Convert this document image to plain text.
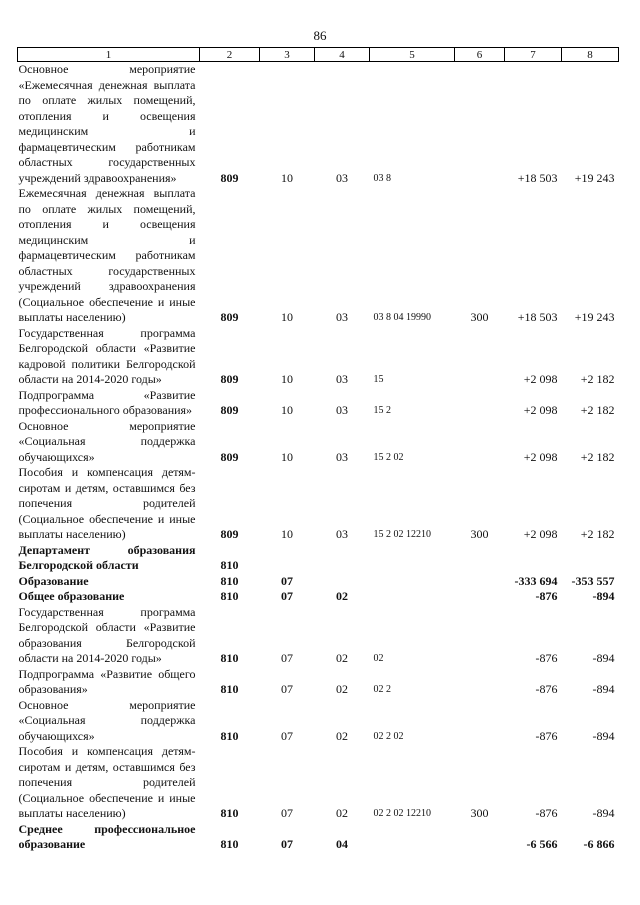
86
1	2	3	4	5	6	7	8
Основное мероприятие «Ежемесячная денежная выплата по оплате жилых помещений, отопления и освещения медицинским и фармацевтическим работникам областных государственных учреждений здравоохранения»	809	10	03	03 8		+18 503	+19 243
Ежемесячная денежная выплата по оплате жилых помещений, отопления и освещения медицинским и фармацевтическим работникам областных государственных учреждений здравоохранения (Социальное обеспечение и иные выплаты населению)	809	10	03	03 8 04 19990	300	+18 503	+19 243
Государственная программа Белгородской области «Развитие кадровой политики Белгородской области на 2014-2020 годы»	809	10	03	15		+2 098	+2 182
Подпрограмма «Развитие профессионального образования»	809	10	03	15 2		+2 098	+2 182
Основное мероприятие «Социальная поддержка обучающихся»	809	10	03	15 2 02		+2 098	+2 182
Пособия и компенсация детям-сиротам и детям, оставшимся без попечения родителей (Социальное обеспечение и иные выплаты населению)	809	10	03	15 2 02 12210	300	+2 098	+2 182
Департамент образования Белгородской области	810						
Образование	810	07				-333 694	-353 557
Общее образование	810	07	02			-876	-894
Государственная программа Белгородской области «Развитие образования Белгородской области на 2014-2020 годы»	810	07	02	02		-876	-894
Подпрограмма «Развитие общего образования»	810	07	02	02 2		-876	-894
Основное мероприятие «Социальная поддержка обучающихся»	810	07	02	02 2 02		-876	-894
Пособия и компенсация детям-сиротам и детям, оставшимся без попечения родителей (Социальное обеспечение и иные выплаты населению)	810	07	02	02 2 02 12210	300	-876	-894
Среднее профессиональное образование	810	07	04			-6 566	-6 866
